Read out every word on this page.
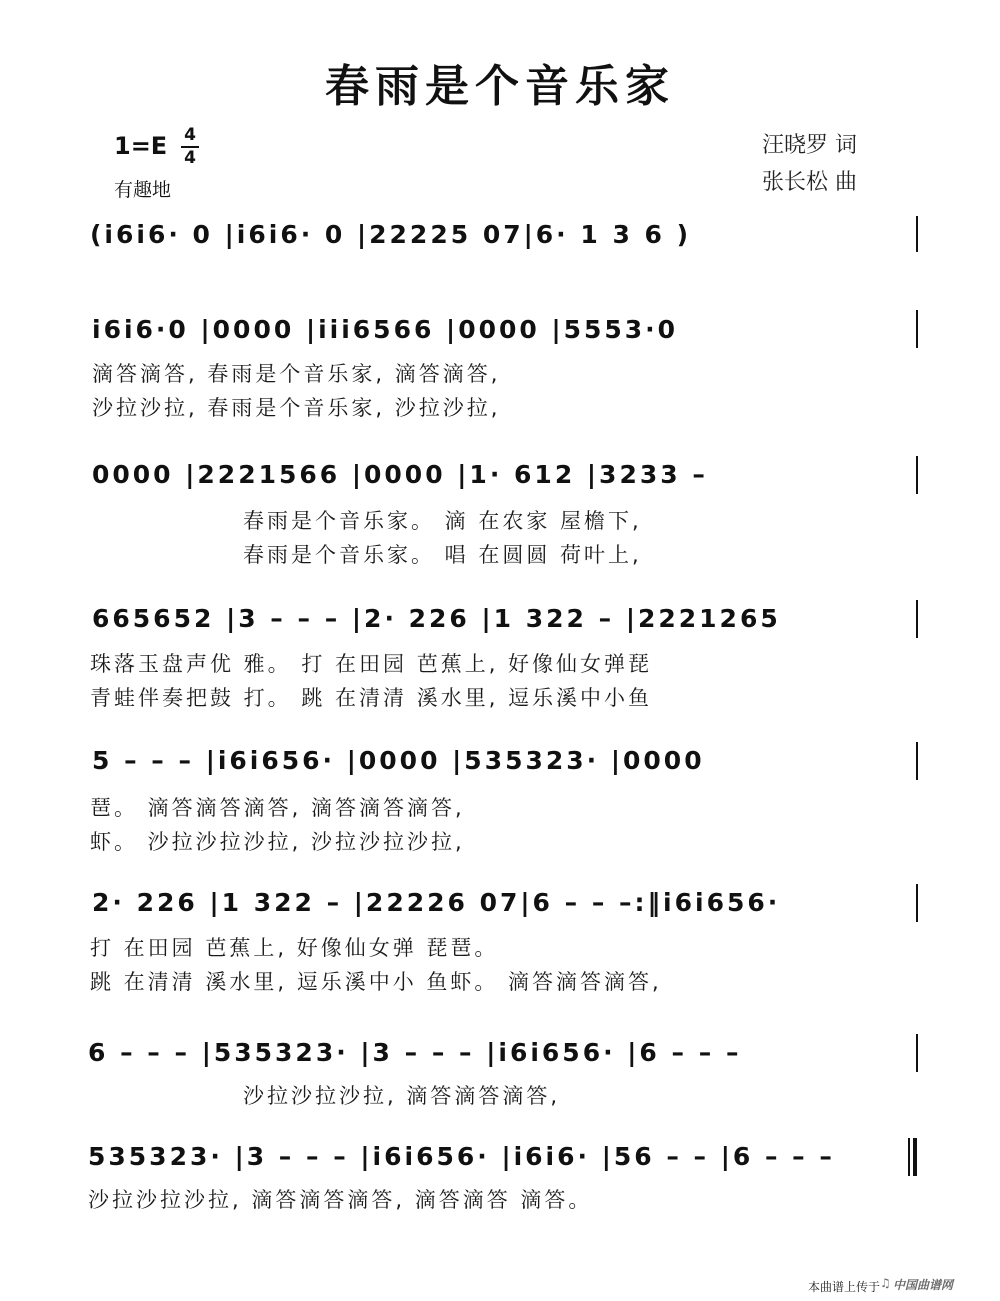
春雨是个音乐家
1=E 4
4
有趣地
汪晓罗 词
张长松 曲
(i6i6· 0 |i6i6· 0 |22225 07|6· 1 3 6 )
i6i6·0 |0000 |iii6566 |0000 |5553·0
滴答滴答, 春雨是个音乐家, 滴答滴答,
沙拉沙拉, 春雨是个音乐家, 沙拉沙拉,
0000 |2221566 |0000 |1· 612 |3233 –
春雨是个音乐家。 滴 在农家 屋檐下,
春雨是个音乐家。 唱 在圆圆 荷叶上,
665652 |3 – – – |2· 226 |1 322 – |2221265
珠落玉盘声优 雅。 打 在田园 芭蕉上, 好像仙女弹琵
青蛙伴奏把鼓 打。 跳 在清清 溪水里, 逗乐溪中小鱼
5 – – – |i6i656· |0000 |535323· |0000
琶。 滴答滴答滴答, 滴答滴答滴答,
虾。 沙拉沙拉沙拉, 沙拉沙拉沙拉,
2· 226 |1 322 – |22226 07|6 – – –:‖i6i656·
打 在田园 芭蕉上, 好像仙女弹 琵琶。
跳 在清清 溪水里, 逗乐溪中小 鱼虾。 滴答滴答滴答,
6 – – – |535323· |3 – – – |i6i656· |6 – – –
沙拉沙拉沙拉, 滴答滴答滴答,
535323· |3 – – – |i6i656· |i6i6· |56 – – |6 – – –
沙拉沙拉沙拉, 滴答滴答滴答, 滴答滴答 滴答。
本曲谱上传于 ♫ 中国曲谱网
